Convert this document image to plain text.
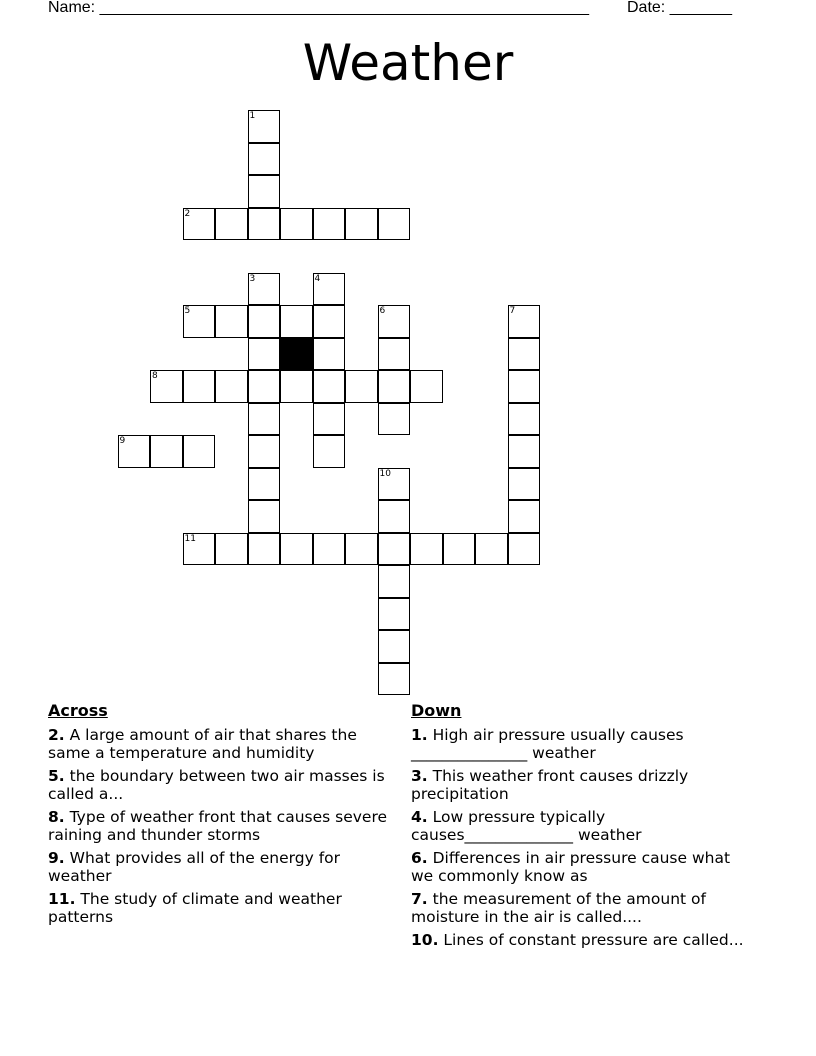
Name: _______________________________________________________ Date: _______
Weather
1
2
3	4
5	6	7
8
9
10
11
Across
2. A large amount of air that shares the same a temperature and humidity
5. the boundary between two air masses is called a...
8. Type of weather front that causes severe raining and thunder storms
9. What provides all of the energy for weather
11. The study of climate and weather patterns
Down
1. High air pressure usually causes _______________ weather
3. This weather front causes drizzly precipitation
4. Low pressure typically causes______________ weather
6. Differences in air pressure cause what we commonly know as
7. the measurement of the amount of moisture in the air is called....
10. Lines of constant pressure are called...
